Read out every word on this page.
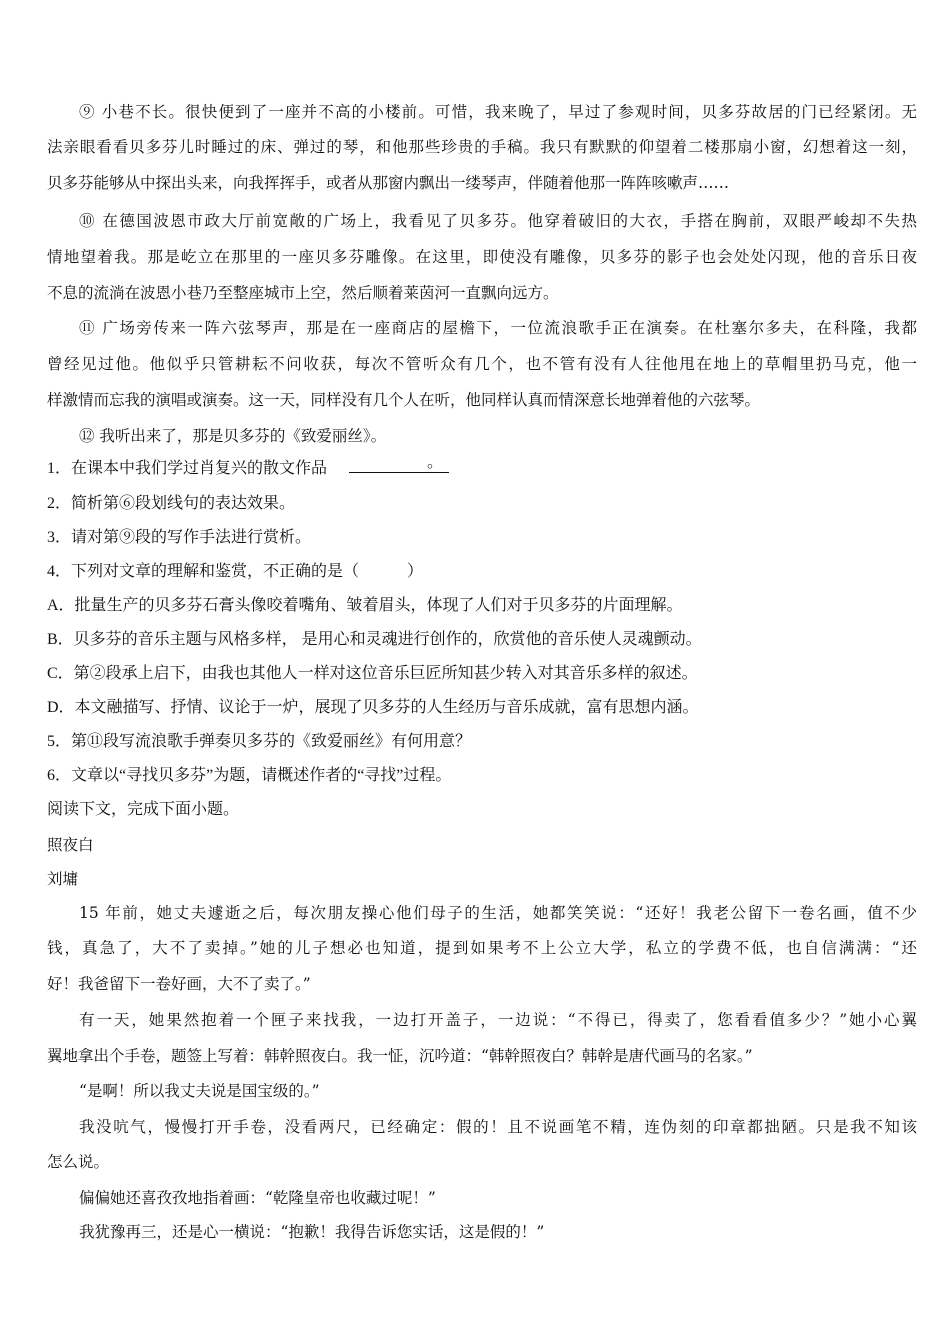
⑨ 小巷不长。很快便到了一座并不高的小楼前。可惜，我来晚了，早过了参观时间，贝多芬故居的门已经紧闭。无
法亲眼看看贝多芬儿时睡过的床、弹过的琴，和他那些珍贵的手稿。我只有默默的仰望着二楼那扇小窗，幻想着这一刻，
贝多芬能够从中探出头来，向我挥挥手，或者从那窗内飘出一缕琴声，伴随着他那一阵阵咳嗽声……
⑩ 在德国波恩市政大厅前宽敞的广场上，我看见了贝多芬。他穿着破旧的大衣，手搭在胸前，双眼严峻却不失热
情地望着我。那是屹立在那里的一座贝多芬雕像。在这里，即使没有雕像，贝多芬的影子也会处处闪现，他的音乐日夜
不息的流淌在波恩小巷乃至整座城市上空，然后顺着莱茵河一直飘向远方。
⑪ 广场旁传来一阵六弦琴声，那是在一座商店的屋檐下，一位流浪歌手正在演奏。在杜塞尔多夫，在科隆，我都
曾经见过他。他似乎只管耕耘不问收获，每次不管听众有几个，也不管有没有人往他甩在地上的草帽里扔马克，他一
样激情而忘我的演唱或演奏。这一天，同样没有几个人在听，他同样认真而情深意长地弹着他的六弦琴。
⑫ 我听出来了，那是贝多芬的《致爱丽丝》。
1．在课本中我们学过肖复兴的散文作品	。
2．简析第⑥段划线句的表达效果。
3．请对第⑨段的写作手法进行赏析。
4．下列对文章的理解和鉴赏，不正确的是（　　　）
A．批量生产的贝多芬石膏头像咬着嘴角、皱着眉头，体现了人们对于贝多芬的片面理解。
B．贝多芬的音乐主题与风格多样， 是用心和灵魂进行创作的，欣赏他的音乐使人灵魂颤动。
C．第②段承上启下，由我也其他人一样对这位音乐巨匠所知甚少转入对其音乐多样的叙述。
D．本文融描写、抒情、议论于一炉，展现了贝多芬的人生经历与音乐成就，富有思想内涵。
5．第⑪段写流浪歌手弹奏贝多芬的《致爱丽丝》有何用意？
6．文章以“寻找贝多芬”为题，请概述作者的“寻找”过程。
阅读下文，完成下面小题。
照夜白
刘墉
15 年前，她丈夫遽逝之后，每次朋友操心他们母子的生活，她都笑笑说：“还好！我老公留下一卷名画，值不少
钱，真急了，大不了卖掉。”她的儿子想必也知道，提到如果考不上公立大学，私立的学费不低，也自信满满：“还
好！我爸留下一卷好画，大不了卖了。”
有一天，她果然抱着一个匣子来找我，一边打开盖子，一边说：“不得已，得卖了，您看看值多少？”她小心翼
翼地拿出个手卷，题签上写着：韩幹照夜白。我一怔，沉吟道：“韩幹照夜白？韩幹是唐代画马的名家。”
“是啊！所以我丈夫说是国宝级的。”
我没吭气，慢慢打开手卷，没看两尺，已经确定：假的！且不说画笔不精，连伪刻的印章都拙陋。只是我不知该
怎么说。
偏偏她还喜孜孜地指着画：“乾隆皇帝也收藏过呢！”
我犹豫再三，还是心一横说：“抱歉！我得告诉您实话，这是假的！”
